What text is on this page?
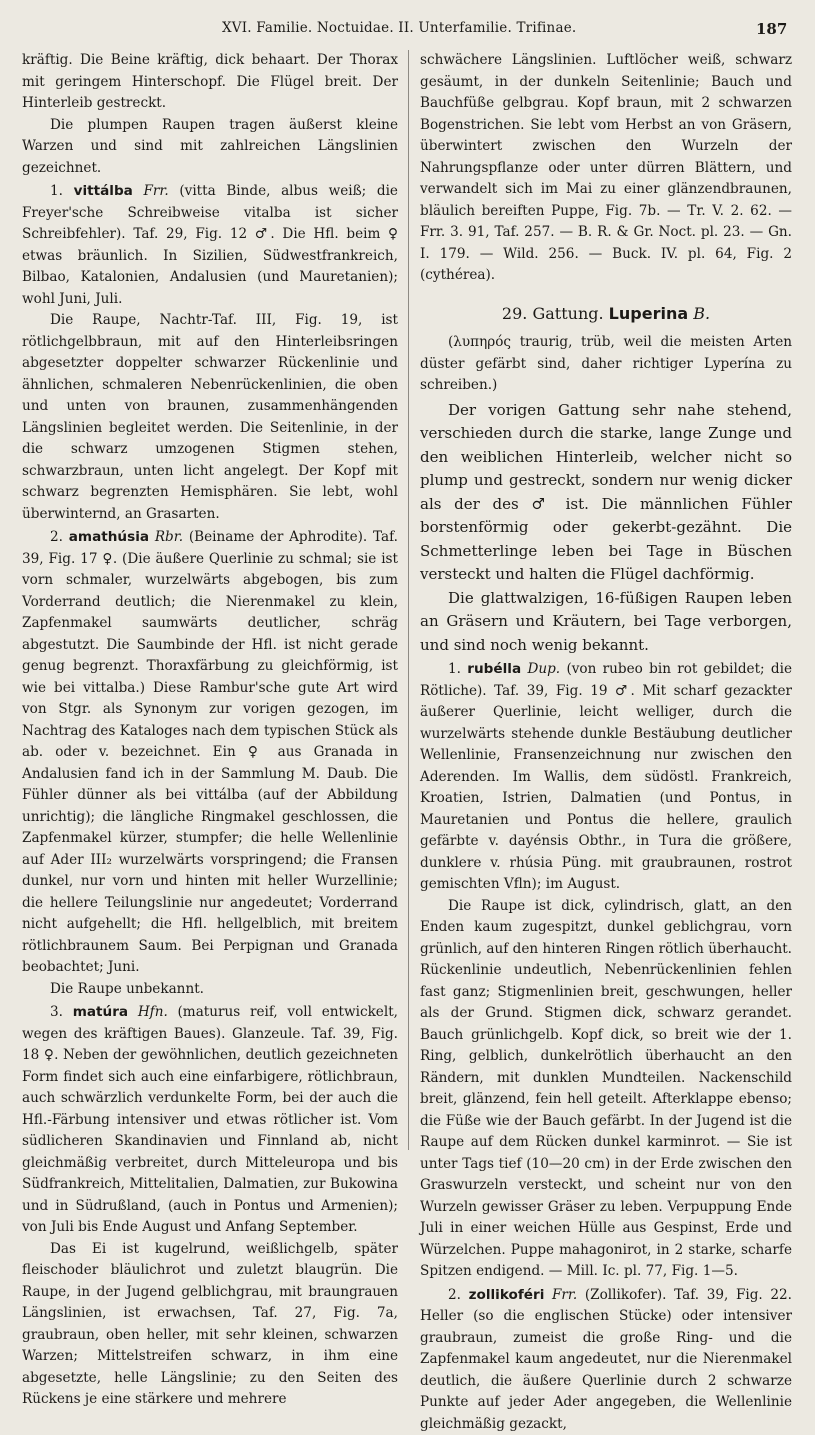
XVI. Familie. Noctuidae. II. Unterfamilie. Trifinae.	187

kräftig. Die Beine kräftig, dick behaart. Der Thorax mit geringem Hinterschopf. Die Flügel breit. Der Hinterleib gestreckt.

Die plumpen Raupen tragen äußerst kleine Warzen und sind mit zahlreichen Längslinien gezeichnet.

1. vittálba Frr. (vitta Binde, albus weiß; die Freyer'sche Schreibweise vitalba ist sicher Schreibfehler). Taf. 29, Fig. 12 ♂. Die Hfl. beim ♀ etwas bräunlich. In Sizilien, Südwestfrankreich, Bilbao, Katalonien, Andalusien (und Mauretanien); wohl Juni, Juli.

Die Raupe, Nachtr-Taf. III, Fig. 19, ist rötlichgelbbraun, mit auf den Hinterleibsringen abgesetzter doppelter schwarzer Rückenlinie und ähnlichen, schmaleren Nebenrückenlinien, die oben und unten von braunen, zusammenhängenden Längslinien begleitet werden. Die Seitenlinie, in der die schwarz umzogenen Stigmen stehen, schwarzbraun, unten licht angelegt. Der Kopf mit schwarz begrenzten Hemisphären. Sie lebt, wohl überwinternd, an Grasarten.

2. amathúsia Rbr. (Beiname der Aphrodite). Taf. 39, Fig. 17 ♀. (Die äußere Querlinie zu schmal; sie ist vorn schmaler, wurzelwärts abgebogen, bis zum Vorderrand deutlich; die Nierenmakel zu klein, Zapfenmakel saumwärts deutlicher, schräg abgestutzt. Die Saumbinde der Hfl. ist nicht gerade genug begrenzt. Thoraxfärbung zu gleichförmig, ist wie bei vittalba.) Diese Rambur'sche gute Art wird von Stgr. als Synonym zur vorigen gezogen, im Nachtrag des Kataloges nach dem typischen Stück als ab. oder v. bezeichnet. Ein ♀ aus Granada in Andalusien fand ich in der Sammlung M. Daub. Die Fühler dünner als bei vittálba (auf der Abbildung unrichtig); die längliche Ringmakel geschlossen, die Zapfenmakel kürzer, stumpfer; die helle Wellenlinie auf Ader III₂ wurzelwärts vorspringend; die Fransen dunkel, nur vorn und hinten mit heller Wurzellinie; die hellere Teilungslinie nur angedeutet; Vorderrand nicht aufgehellt; die Hfl. hellgelblich, mit breitem rötlichbraunem Saum. Bei Perpignan und Granada beobachtet; Juni.

Die Raupe unbekannt.

3. matúra Hfn. (maturus reif, voll entwickelt, wegen des kräftigen Baues). Glanzeule. Taf. 39, Fig. 18 ♀. Neben der gewöhnlichen, deutlich gezeichneten Form findet sich auch eine einfarbigere, rötlichbraun, auch schwärzlich verdunkelte Form, bei der auch die Hfl.-Färbung intensiver und etwas rötlicher ist. Vom südlicheren Skandinavien und Finnland ab, nicht gleichmäßig verbreitet, durch Mitteleuropa und bis Südfrankreich, Mittelitalien, Dalmatien, zur Bukowina und in Südrußland, (auch in Pontus und Armenien); von Juli bis Ende August und Anfang September.

Das Ei ist kugelrund, weißlichgelb, später fleischoder bläulichrot und zuletzt blaugrün. Die Raupe, in der Jugend gelblichgrau, mit braungrauen Längslinien, ist erwachsen, Taf. 27, Fig. 7a, graubraun, oben heller, mit sehr kleinen, schwarzen Warzen; Mittelstreifen schwarz, in ihm eine abgesetzte, helle Längslinie; zu den Seiten des Rückens je eine stärkere und mehrere

schwächere Längslinien. Luftlöcher weiß, schwarz gesäumt, in der dunkeln Seitenlinie; Bauch und Bauchfüße gelbgrau. Kopf braun, mit 2 schwarzen Bogenstrichen. Sie lebt vom Herbst an von Gräsern, überwintert zwischen den Wurzeln der Nahrungspflanze oder unter dürren Blättern, und verwandelt sich im Mai zu einer glänzendbraunen, bläulich bereiften Puppe, Fig. 7b. — Tr. V. 2. 62. — Frr. 3. 91, Taf. 257. — B. R. & Gr. Noct. pl. 23. — Gn. I. 179. — Wild. 256. — Buck. IV. pl. 64, Fig. 2 (cythérea).

29. Gattung. Luperina B.

(λυπηρός traurig, trüb, weil die meisten Arten düster gefärbt sind, daher richtiger Lyperína zu schreiben.)

Der vorigen Gattung sehr nahe stehend, verschieden durch die starke, lange Zunge und den weiblichen Hinterleib, welcher nicht so plump und gestreckt, sondern nur wenig dicker als der des ♂ ist. Die männlichen Fühler borstenförmig oder gekerbt-gezähnt. Die Schmetterlinge leben bei Tage in Büschen versteckt und halten die Flügel dachförmig.

Die glattwalzigen, 16-füßigen Raupen leben an Gräsern und Kräutern, bei Tage verborgen, und sind noch wenig bekannt.

1. rubélla Dup. (von rubeo bin rot gebildet; die Rötliche). Taf. 39, Fig. 19 ♂. Mit scharf gezackter äußerer Querlinie, leicht welliger, durch die wurzelwärts stehende dunkle Bestäubung deutlicher Wellenlinie, Fransenzeichnung nur zwischen den Aderenden. Im Wallis, dem südöstl. Frankreich, Kroatien, Istrien, Dalmatien (und Pontus, in Mauretanien und Pontus die hellere, graulich gefärbte v. dayénsis Obthr., in Tura die größere, dunklere v. rhúsia Püng. mit graubraunen, rostrot gemischten Vfln); im August.

Die Raupe ist dick, cylindrisch, glatt, an den Enden kaum zugespitzt, dunkel geblichgrau, vorn grünlich, auf den hinteren Ringen rötlich überhaucht. Rückenlinie undeutlich, Nebenrückenlinien fehlen fast ganz; Stigmenlinien breit, geschwungen, heller als der Grund. Stigmen dick, schwarz gerandet. Bauch grünlichgelb. Kopf dick, so breit wie der 1. Ring, gelblich, dunkelrötlich überhaucht an den Rändern, mit dunklen Mundteilen. Nackenschild breit, glänzend, fein hell geteilt. Afterklappe ebenso; die Füße wie der Bauch gefärbt. In der Jugend ist die Raupe auf dem Rücken dunkel karminrot. — Sie ist unter Tags tief (10—20 cm) in der Erde zwischen den Graswurzeln versteckt, und scheint nur von den Wurzeln gewisser Gräser zu leben. Verpuppung Ende Juli in einer weichen Hülle aus Gespinst, Erde und Würzelchen. Puppe mahagonirot, in 2 starke, scharfe Spitzen endigend. — Mill. Ic. pl. 77, Fig. 1—5.

2. zollikoféri Frr. (Zollikofer). Taf. 39, Fig. 22. Heller (so die englischen Stücke) oder intensiver graubraun, zumeist die große Ring- und die Zapfenmakel kaum angedeutet, nur die Nierenmakel deutlich, die äußere Querlinie durch 2 schwarze Punkte auf jeder Ader angegeben, die Wellenlinie gleichmäßig gezackt,
